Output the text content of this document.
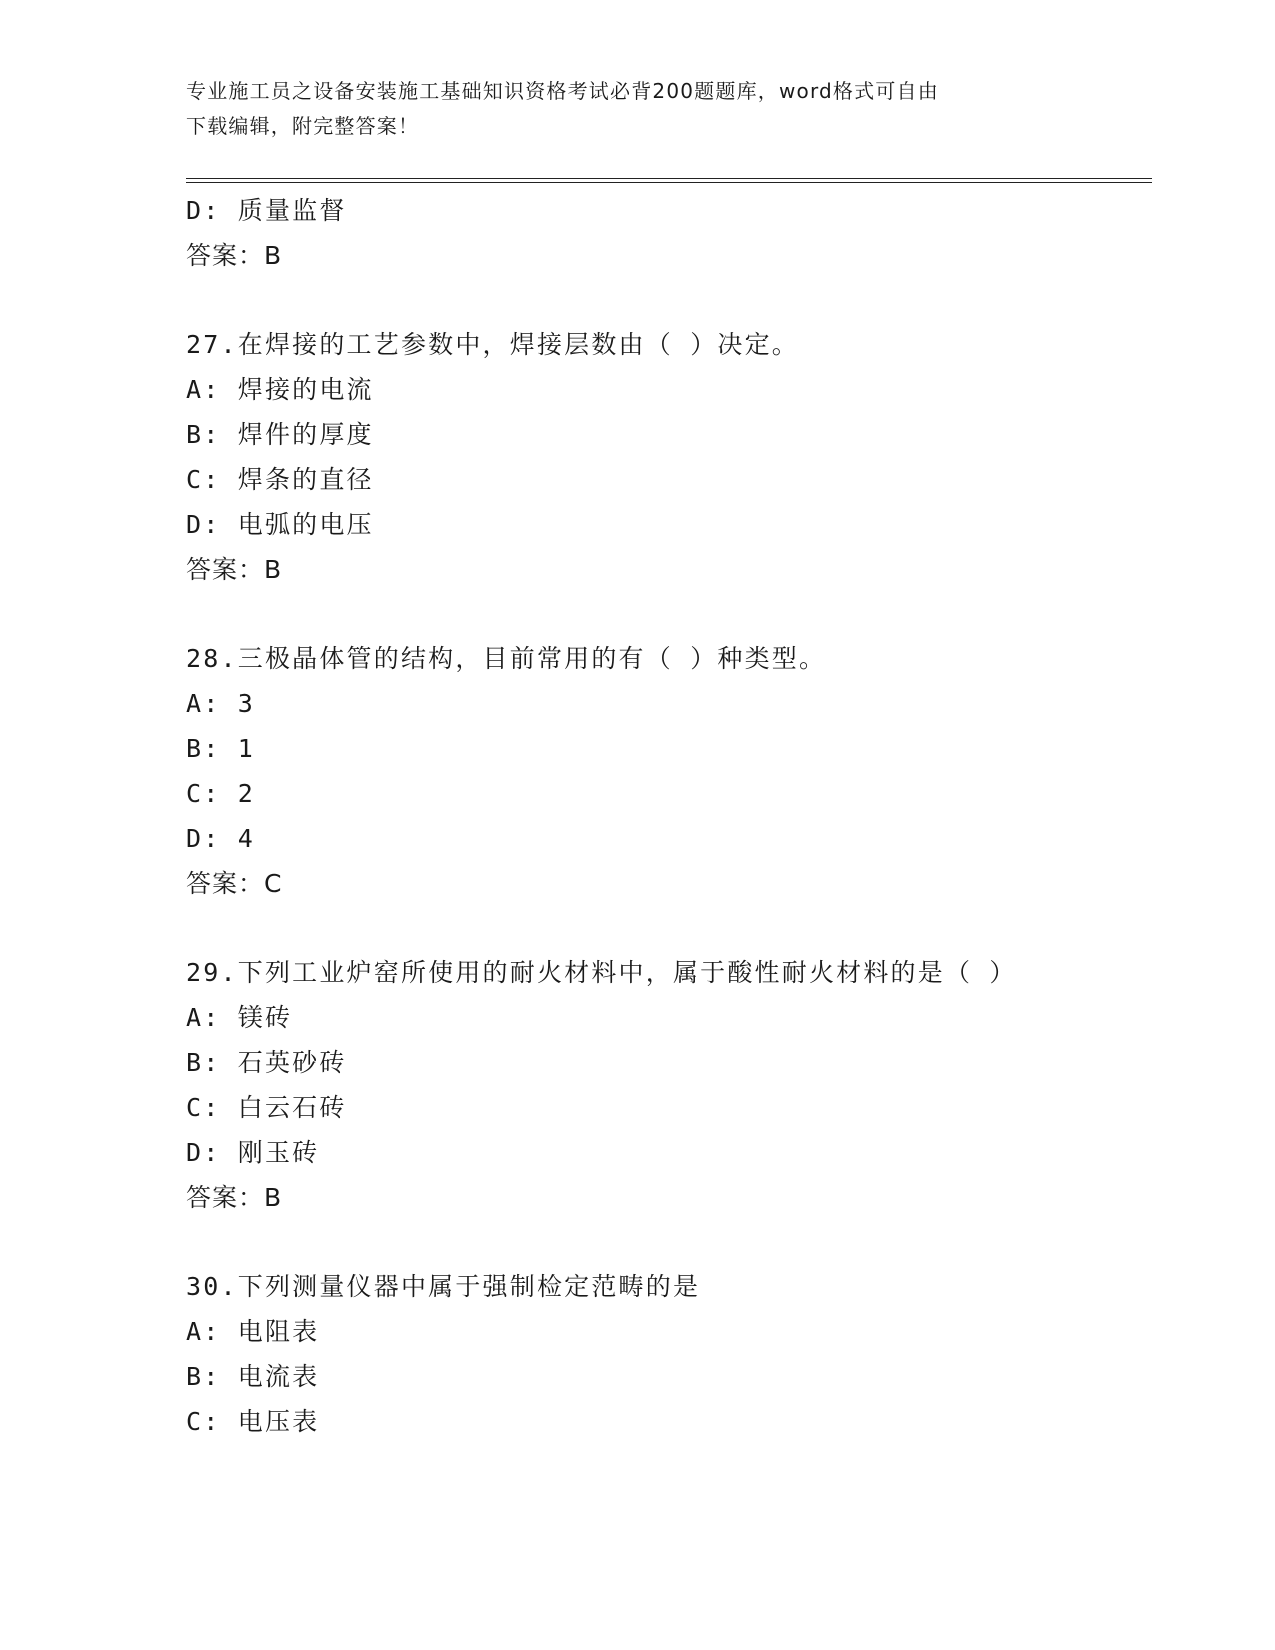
专业施工员之设备安装施工基础知识资格考试必背200题题库，word格式可自由
下载编辑，附完整答案！
D: 质量监督
答案：B
27.在焊接的工艺参数中，焊接层数由（ ）决定。
A: 焊接的电流
B: 焊件的厚度
C: 焊条的直径
D: 电弧的电压
答案：B
28.三极晶体管的结构，目前常用的有（ ）种类型。
A: 3
B: 1
C: 2
D: 4
答案：C
29.下列工业炉窑所使用的耐火材料中，属于酸性耐火材料的是（ ）
A: 镁砖
B: 石英砂砖
C: 白云石砖
D: 刚玉砖
答案：B
30.下列测量仪器中属于强制检定范畴的是
A: 电阻表
B: 电流表
C: 电压表
